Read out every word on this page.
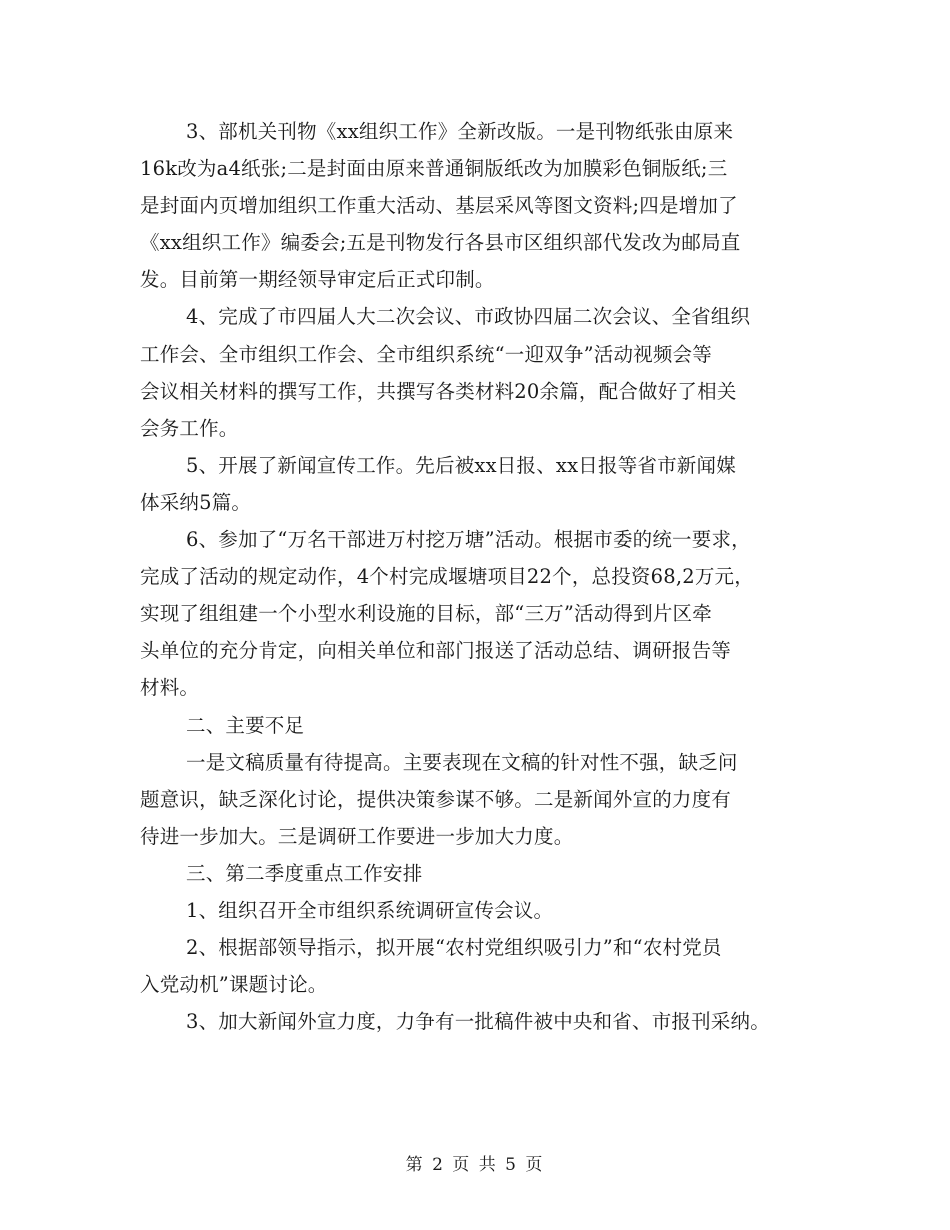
3、部机关刊物《xx组织工作》全新改版。一是刊物纸张由原来
16k改为a4纸张;二是封面由原来普通铜版纸改为加膜彩色铜版纸;三
是封面内页增加组织工作重大活动、基层采风等图文资料;四是增加了
《xx组织工作》编委会;五是刊物发行各县市区组织部代发改为邮局直
发。目前第一期经领导审定后正式印制。
4、完成了市四届人大二次会议、市政协四届二次会议、全省组织
工作会、全市组织工作会、全市组织系统“一迎双争”活动视频会等
会议相关材料的撰写工作，共撰写各类材料20余篇，配合做好了相关
会务工作。
5、开展了新闻宣传工作。先后被xx日报、xx日报等省市新闻媒
体采纳5篇。
6、参加了“万名干部进万村挖万塘”活动。根据市委的统一要求，
完成了活动的规定动作，4个村完成堰塘项目22个，总投资68,2万元，
实现了组组建一个小型水利设施的目标，部“三万”活动得到片区牵
头单位的充分肯定，向相关单位和部门报送了活动总结、调研报告等
材料。
二、主要不足
一是文稿质量有待提高。主要表现在文稿的针对性不强，缺乏问
题意识，缺乏深化讨论，提供决策参谋不够。二是新闻外宣的力度有
待进一步加大。三是调研工作要进一步加大力度。
三、第二季度重点工作安排
1、组织召开全市组织系统调研宣传会议。
2、根据部领导指示，拟开展“农村党组织吸引力”和“农村党员
入党动机”课题讨论。
3、加大新闻外宣力度，力争有一批稿件被中央和省、市报刊采纳。
第 2 页 共 5 页
